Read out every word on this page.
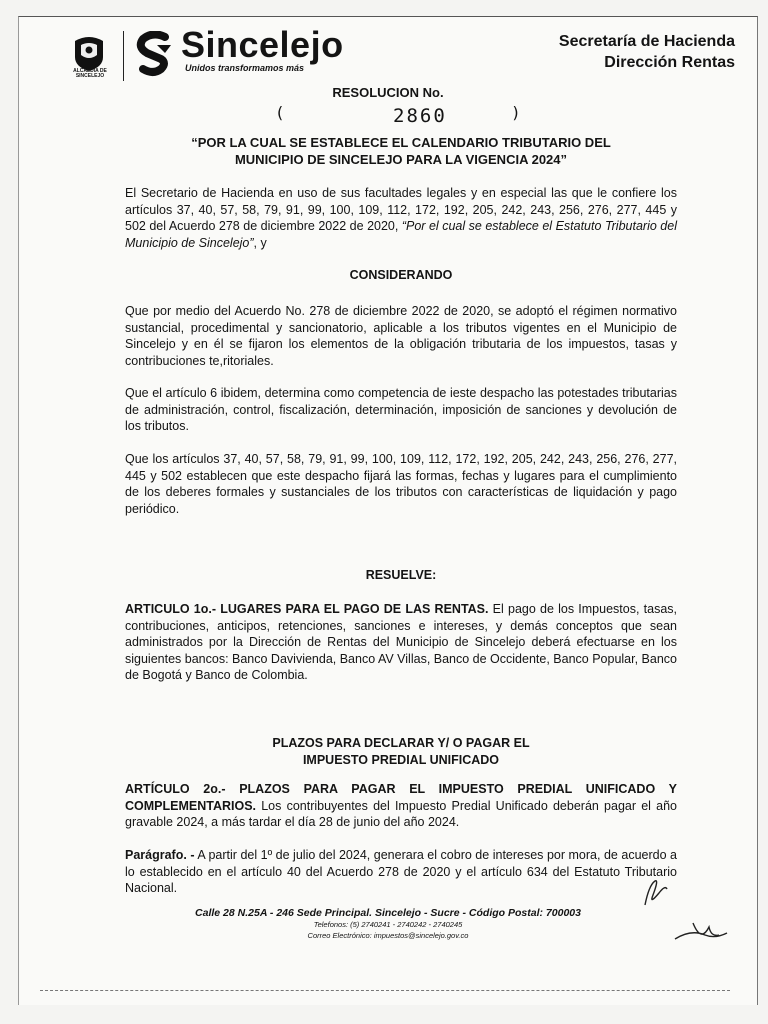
ALCALDÍA DE SINCELEJO
Sincelejo
Unidos transformamos más
Secretaría de Hacienda
Dirección Rentas
RESOLUCION No.
(	2860	)
“POR LA CUAL SE ESTABLECE EL CALENDARIO TRIBUTARIO DEL
MUNICIPIO DE SINCELEJO PARA LA VIGENCIA 2024”
El Secretario de Hacienda en uso de sus facultades legales y en especial las que le confiere los artículos 37, 40, 57, 58, 79, 91, 99, 100, 109, 112, 172, 192, 205, 242, 243, 256, 276, 277, 445 y 502 del Acuerdo 278 de diciembre 2022 de 2020, “Por el cual se establece el Estatuto Tributario del Municipio de Sincelejo”, y
CONSIDERANDO
Que por medio del Acuerdo No. 278 de diciembre 2022 de 2020, se adoptó el régimen normativo sustancial, procedimental y sancionatorio, aplicable a los tributos vigentes en el Municipio de Sincelejo y en él se fijaron los elementos de la obligación tributaria de los impuestos, tasas y contribuciones te,ritoriales.
Que el artículo 6 ibidem, determina como competencia de ieste despacho las potestades tributarias de administración, control, fiscalización, determinación, imposición de sanciones y devolución de los tributos.
Que los artículos 37, 40, 57, 58, 79, 91, 99, 100, 109, 112, 172, 192, 205, 242, 243, 256, 276, 277, 445 y 502 establecen que este despacho fijará las formas, fechas y lugares para el cumplimiento de los deberes formales y sustanciales de los tributos con características de liquidación y pago periódico.
RESUELVE:
ARTICULO 1o.- LUGARES PARA EL PAGO DE LAS RENTAS. El pago de los Impuestos, tasas, contribuciones, anticipos, retenciones, sanciones e intereses, y demás conceptos que sean administrados por la Dirección de Rentas del Municipio de Sincelejo deberá efectuarse en los siguientes bancos: Banco Davivienda, Banco AV Villas, Banco de Occidente, Banco Popular, Banco de Bogotá y Banco de Colombia.
PLAZOS PARA DECLARAR Y/ O PAGAR EL
IMPUESTO PREDIAL UNIFICADO
ARTÍCULO 2o.- PLAZOS PARA PAGAR EL IMPUESTO PREDIAL UNIFICADO Y COMPLEMENTARIOS. Los contribuyentes del Impuesto Predial Unificado deberán pagar el año gravable 2024, a más tardar el día 28 de junio del año 2024.
Parágrafo. - A partir del 1º de julio del 2024, generara el cobro de intereses por mora, de acuerdo a lo establecido en el artículo 40 del Acuerdo 278 de 2020 y el artículo 634 del Estatuto Tributario Nacional.
Calle 28 N.25A - 246 Sede Principal. Sincelejo - Sucre - Código Postal: 700003
Telefonos: (5) 2740241 - 2740242 - 2740245
Correo Electrónico: impuestos@sincelejo.gov.co
